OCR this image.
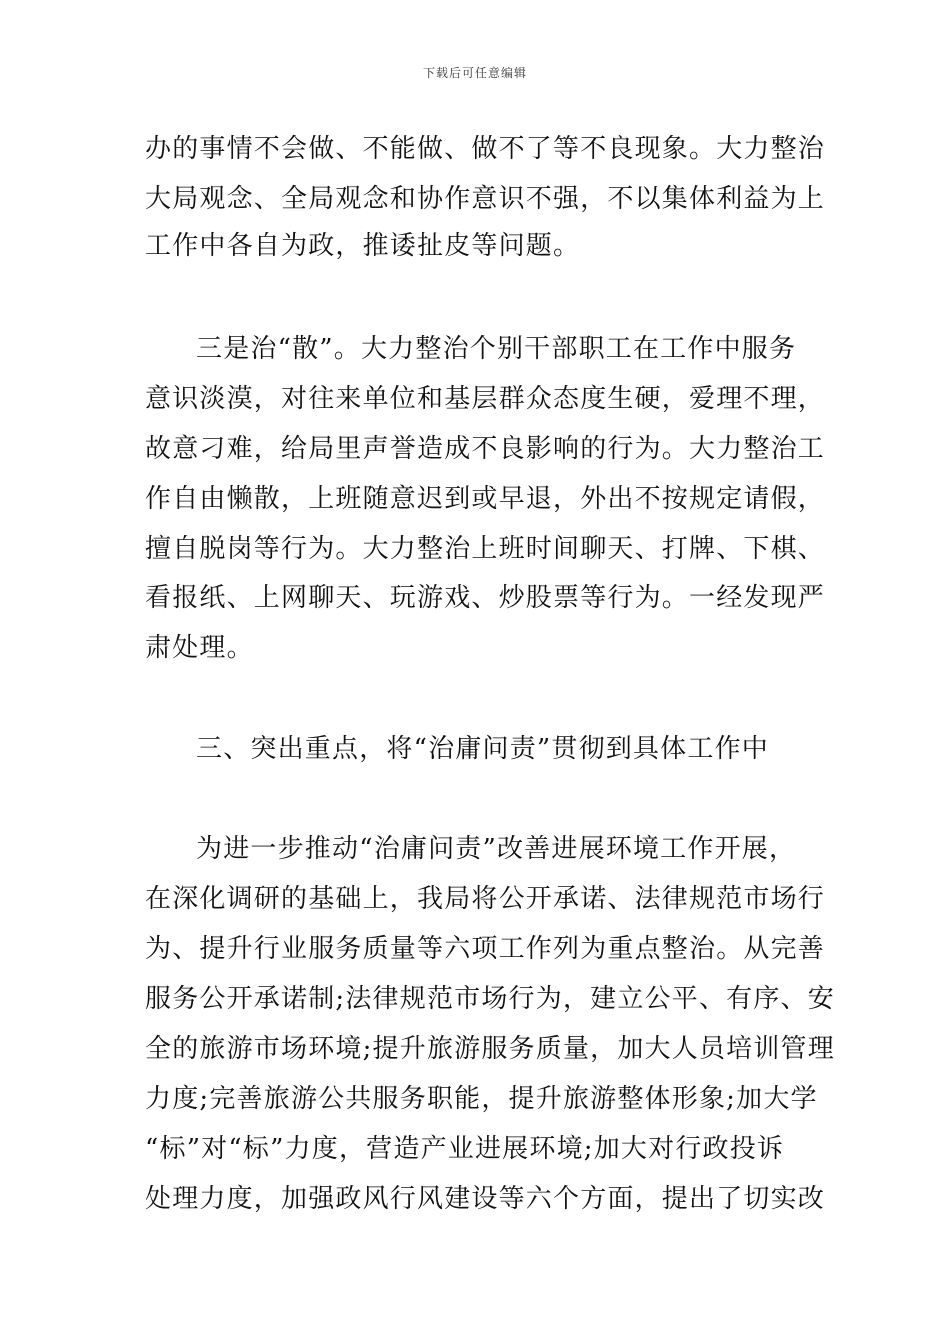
下载后可任意编辑
办的事情不会做、不能做、做不了等不良现象。大力整治
大局观念、全局观念和协作意识不强，不以集体利益为上
工作中各自为政，推诿扯皮等问题。
三是治“散”。大力整治个别干部职工在工作中服务
意识淡漠，对往来单位和基层群众态度生硬，爱理不理，
故意刁难，给局里声誉造成不良影响的行为。大力整治工
作自由懒散，上班随意迟到或早退，外出不按规定请假，
擅自脱岗等行为。大力整治上班时间聊天、打牌、下棋、
看报纸、上网聊天、玩游戏、炒股票等行为。一经发现严
肃处理。
三、突出重点，将“治庸问责”贯彻到具体工作中
为进一步推动“治庸问责”改善进展环境工作开展，
在深化调研的基础上，我局将公开承诺、法律规范市场行
为、提升行业服务质量等六项工作列为重点整治。从完善
服务公开承诺制;法律规范市场行为，建立公平、有序、安
全的旅游市场环境;提升旅游服务质量，加大人员培训管理
力度;完善旅游公共服务职能，提升旅游整体形象;加大学
“标”对“标”力度，营造产业进展环境;加大对行政投诉
处理力度，加强政风行风建设等六个方面，提出了切实改
